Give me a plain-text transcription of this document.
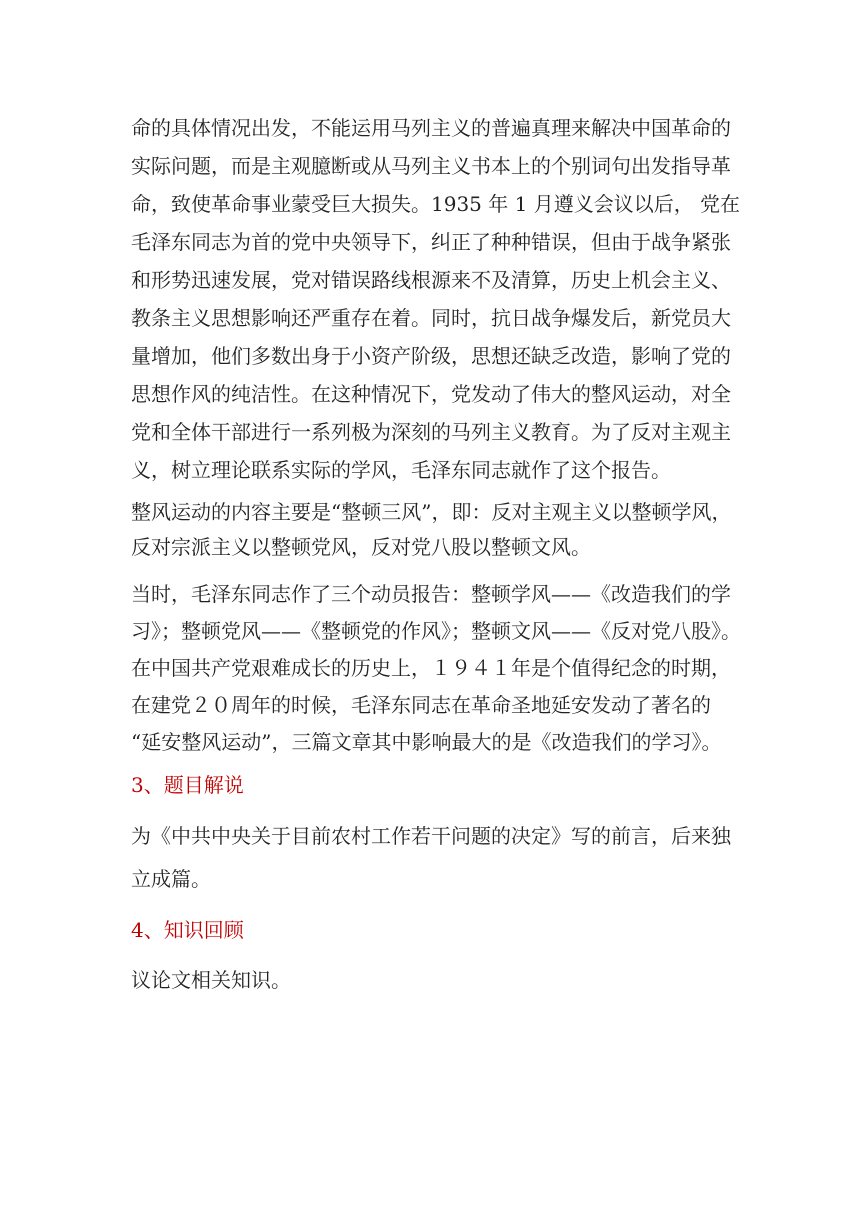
命的具体情况出发，不能运用马列主义的普遍真理来解决中国革命的
实际问题，而是主观臆断或从马列主义书本上的个别词句出发指导革
命，致使革命事业蒙受巨大损失。1935 年 1 月遵义会议以后， 党在
毛泽东同志为首的党中央领导下，纠正了种种错误，但由于战争紧张
和形势迅速发展，党对错误路线根源来不及清算，历史上机会主义、
教条主义思想影响还严重存在着。同时，抗日战争爆发后，新党员大
量增加，他们多数出身于小资产阶级，思想还缺乏改造，影响了党的
思想作风的纯洁性。在这种情况下，党发动了伟大的整风运动，对全
党和全体干部进行一系列极为深刻的马列主义教育。为了反对主观主
义，树立理论联系实际的学风，毛泽东同志就作了这个报告。

整风运动的内容主要是“整顿三风”，即：反对主观主义以整顿学风，
反对宗派主义以整顿党风，反对党八股以整顿文风。

当时，毛泽东同志作了三个动员报告：整顿学风——《改造我们的学
习》；整顿党风——《整顿党的作风》；整顿文风——《反对党八股》。
在中国共产党艰难成长的历史上，１９４１年是个值得纪念的时期，
在建党２０周年的时候，毛泽东同志在革命圣地延安发动了著名的
“延安整风运动”，三篇文章其中影响最大的是《改造我们的学习》。

3、题目解说

为《中共中央关于目前农村工作若干问题的决定》写的前言，后来独
立成篇。

4、知识回顾

议论文相关知识。
